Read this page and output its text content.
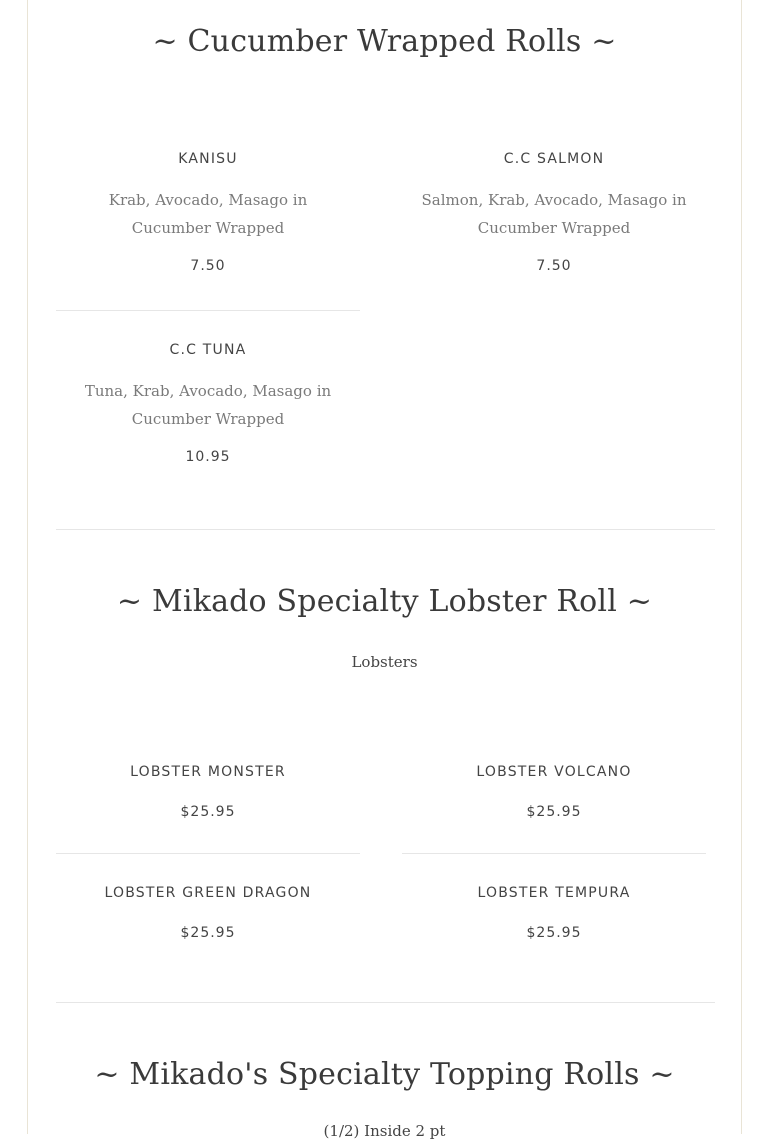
~ Cucumber Wrapped Rolls ~
KANISU
Krab, Avocado, Masago in Cucumber Wrapped
7.50
C.C SALMON
Salmon, Krab, Avocado, Masago in Cucumber Wrapped
7.50
C.C TUNA
Tuna, Krab, Avocado, Masago in Cucumber Wrapped
10.95
~ Mikado Specialty Lobster Roll ~
Lobsters
LOBSTER MONSTER
$25.95
LOBSTER VOLCANO
$25.95
LOBSTER GREEN DRAGON
$25.95
LOBSTER TEMPURA
$25.95
~ Mikado's Specialty Topping Rolls ~
(1/2) Inside 2 pt
